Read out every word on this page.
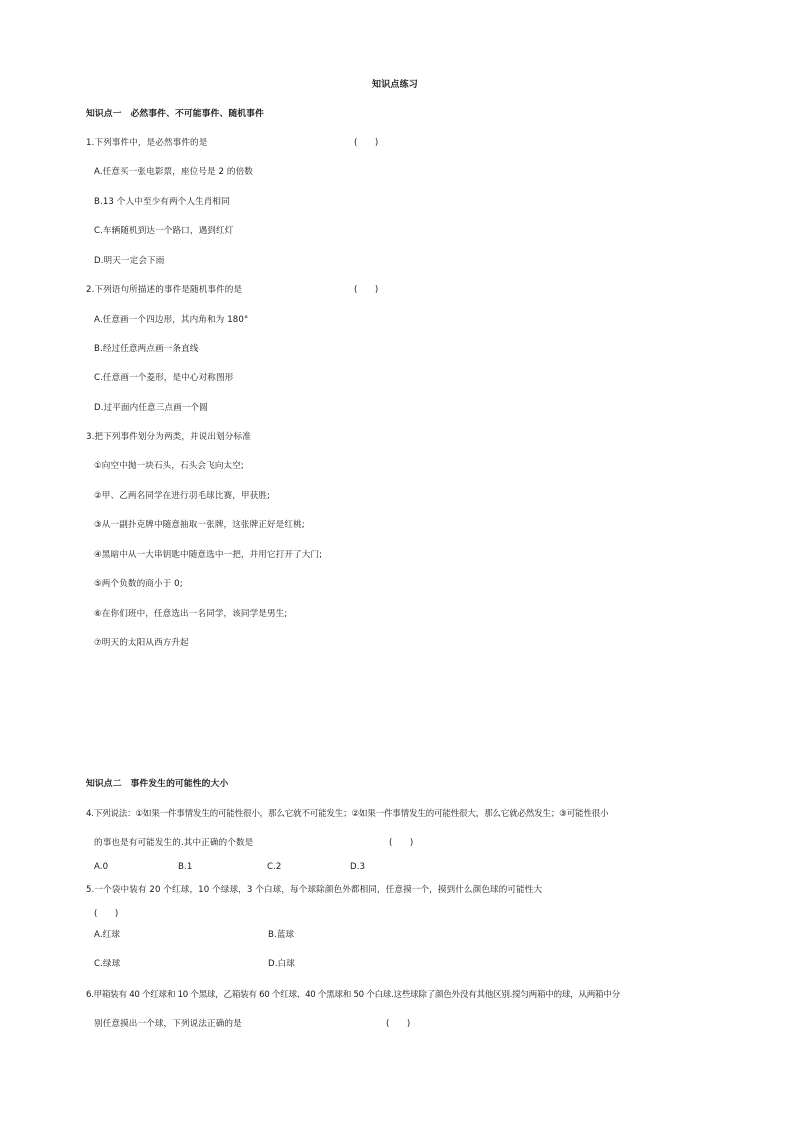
知识点练习
知识点一　必然事件、不可能事件、随机事件
1.下列事件中，是必然事件的是	(　　)
A.任意买一张电影票，座位号是 2 的倍数
B.13 个人中至少有两个人生肖相同
C.车辆随机到达一个路口，遇到红灯
D.明天一定会下雨
2.下列语句所描述的事件是随机事件的是	(　　)
A.任意画一个四边形，其内角和为 180°
B.经过任意两点画一条直线
C.任意画一个菱形，是中心对称图形
D.过平面内任意三点画一个圆
3.把下列事件划分为两类，并说出划分标准
①向空中抛一块石头，石头会飞向太空;
②甲、乙两名同学在进行羽毛球比赛，甲获胜;
③从一副扑克牌中随意抽取一张牌，这张牌正好是红桃;
④黑暗中从一大串钥匙中随意选中一把，并用它打开了大门;
⑤两个负数的商小于 0;
⑥在你们班中，任意选出一名同学，该同学是男生;
⑦明天的太阳从西方升起
知识点二　事件发生的可能性的大小
4.下列说法：①如果一件事情发生的可能性很小，那么它就不可能发生；②如果一件事情发生的可能性很大，那么它就必然发生；③可能性很小
的事也是有可能发生的.其中正确的个数是	(　　)
A.0	B.1	C.2	D.3
5.一个袋中装有 20 个红球，10 个绿球，3 个白球，每个球除颜色外都相同，任意摸一个，摸到什么颜色球的可能性大
(　　)
A.红球	B.蓝球
C.绿球	D.白球
6.甲箱装有 40 个红球和 10 个黑球，乙箱装有 60 个红球、40 个黑球和 50 个白球.这些球除了颜色外没有其他区别.搅匀两箱中的球，从两箱中分
别任意摸出一个球，下列说法正确的是	(　　)
